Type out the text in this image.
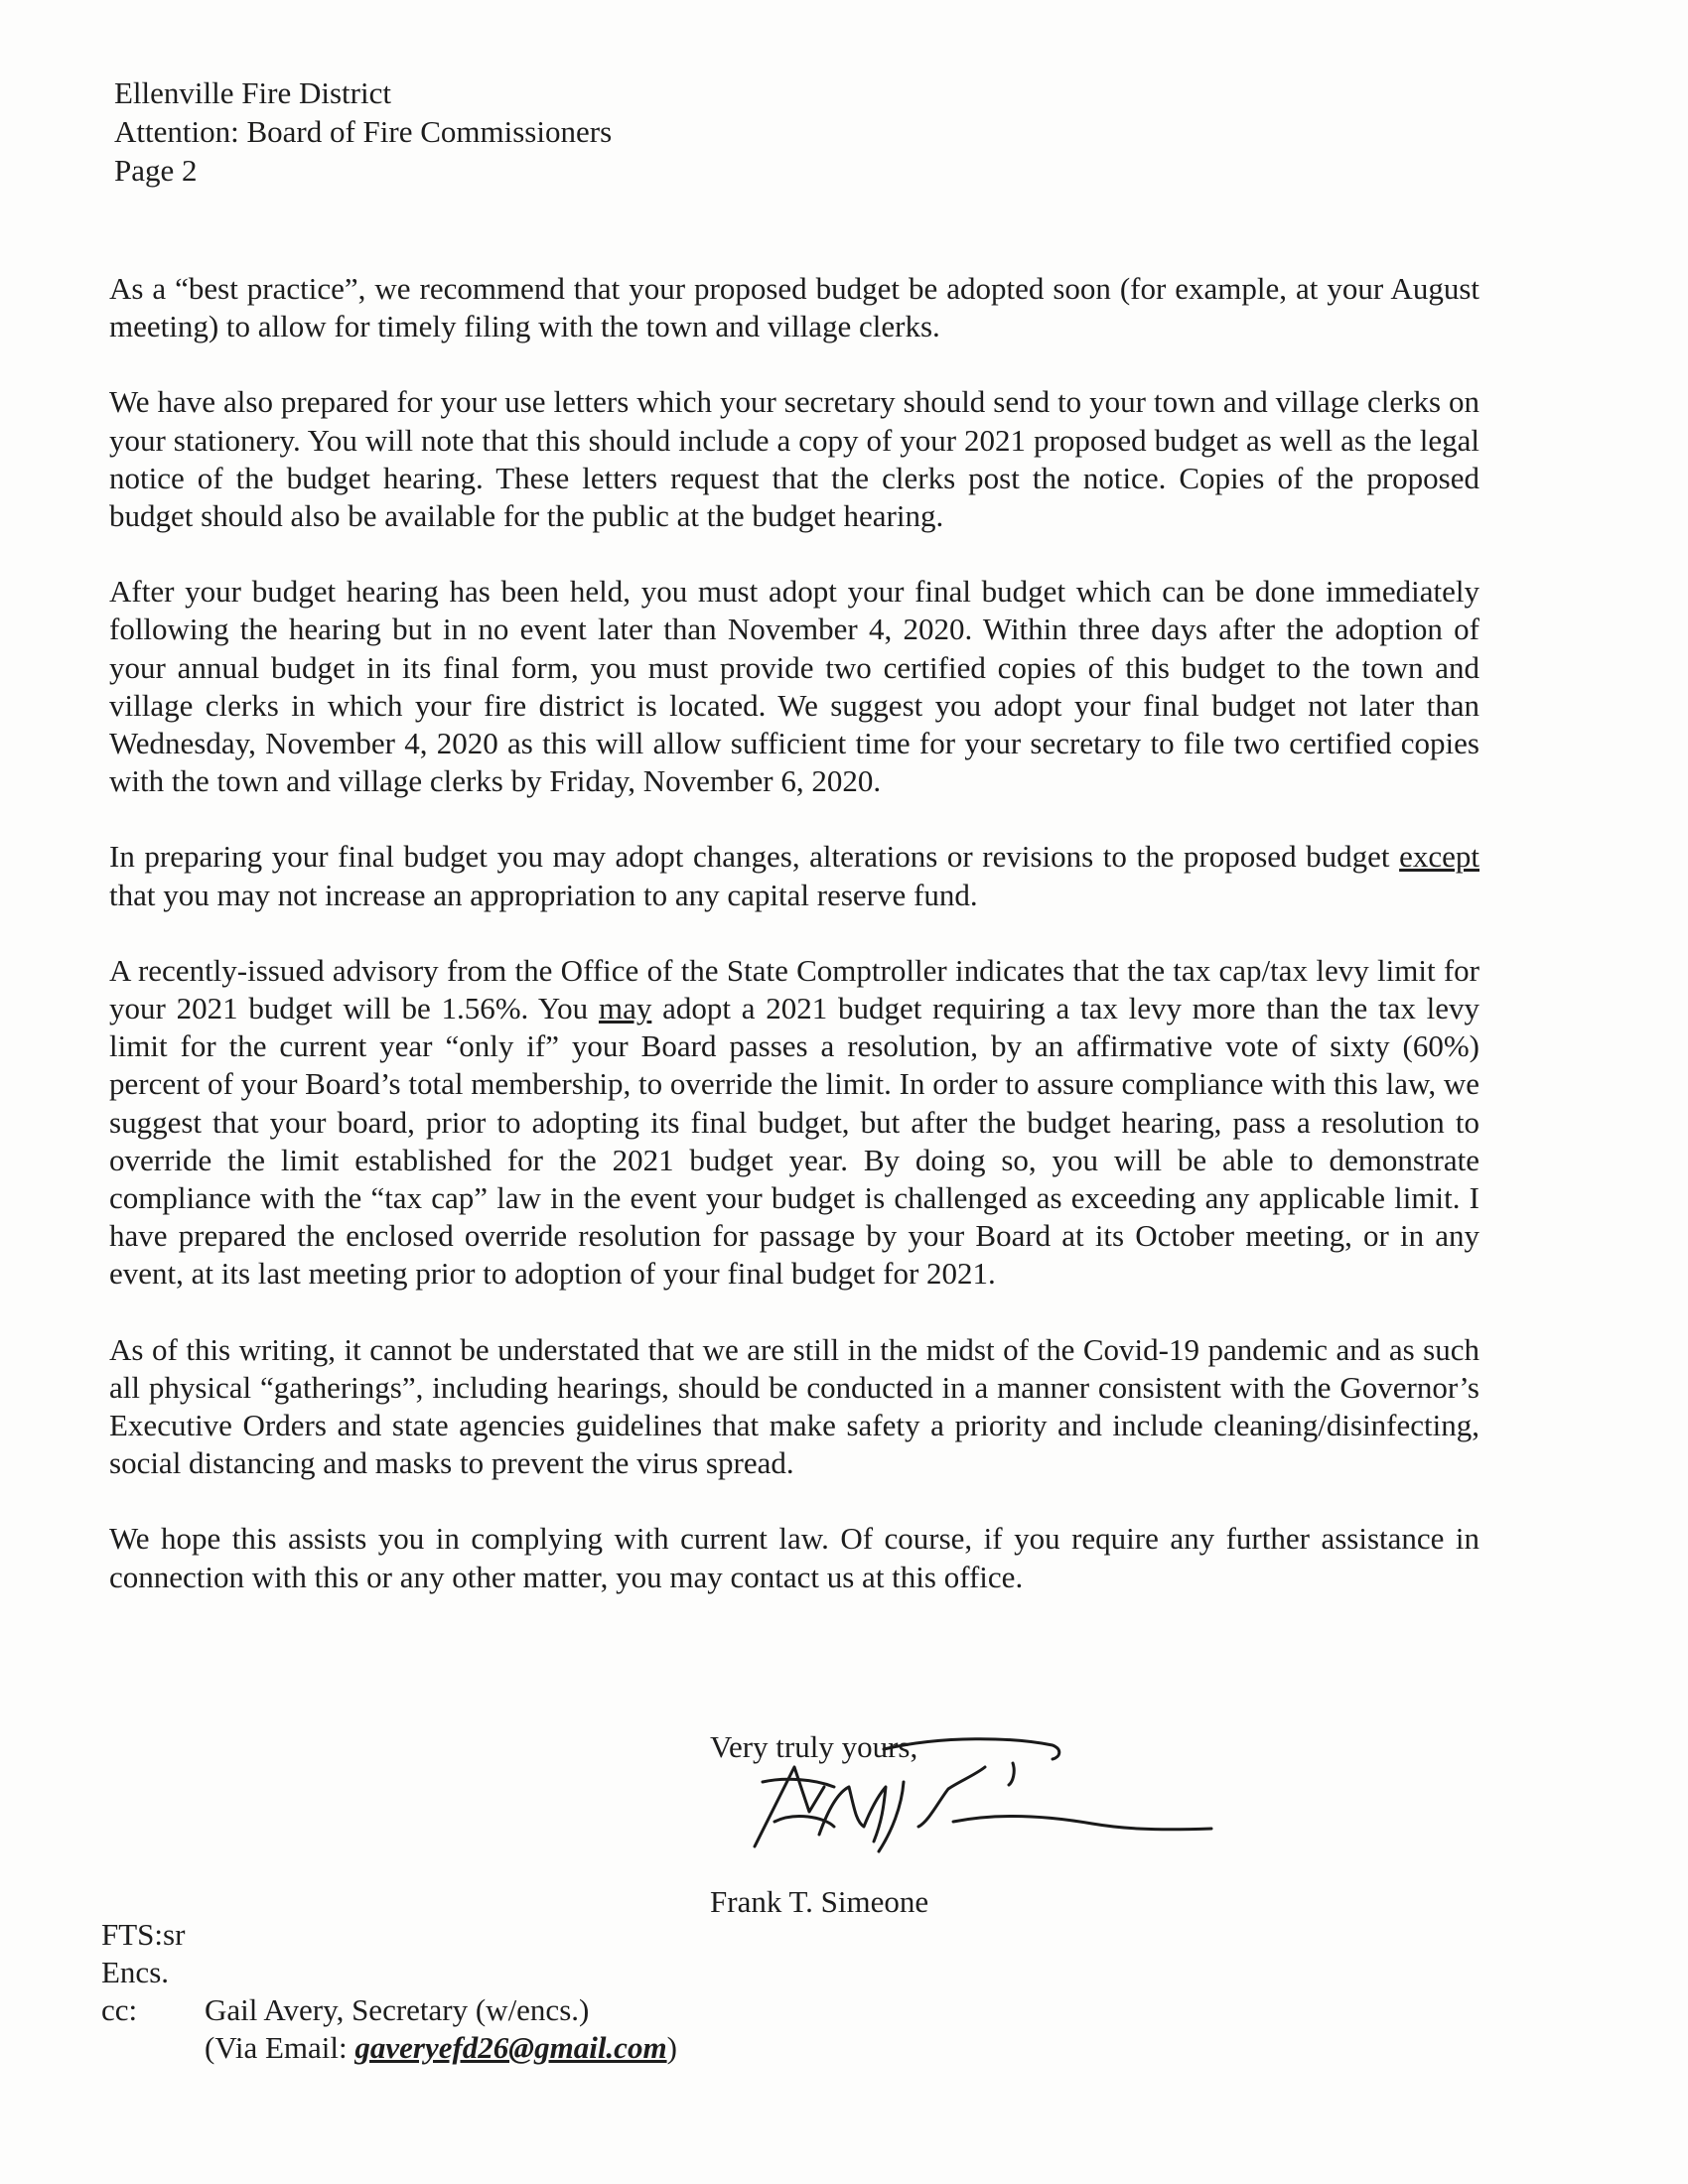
Ellenville Fire District
Attention: Board of Fire Commissioners
Page 2

As a “best practice”, we recommend that your proposed budget be adopted soon (for example, at your August meeting) to allow for timely filing with the town and village clerks.

We have also prepared for your use letters which your secretary should send to your town and village clerks on your stationery. You will note that this should include a copy of your 2021 proposed budget as well as the legal notice of the budget hearing. These letters request that the clerks post the notice. Copies of the proposed budget should also be available for the public at the budget hearing.

After your budget hearing has been held, you must adopt your final budget which can be done immediately following the hearing but in no event later than November 4, 2020. Within three days after the adoption of your annual budget in its final form, you must provide two certified copies of this budget to the town and village clerks in which your fire district is located. We suggest you adopt your final budget not later than Wednesday, November 4, 2020 as this will allow sufficient time for your secretary to file two certified copies with the town and village clerks by Friday, November 6, 2020.

In preparing your final budget you may adopt changes, alterations or revisions to the proposed budget except that you may not increase an appropriation to any capital reserve fund.

A recently-issued advisory from the Office of the State Comptroller indicates that the tax cap/tax levy limit for your 2021 budget will be 1.56%. You may adopt a 2021 budget requiring a tax levy more than the tax levy limit for the current year “only if” your Board passes a resolution, by an affirmative vote of sixty (60%) percent of your Board’s total membership, to override the limit. In order to assure compliance with this law, we suggest that your board, prior to adopting its final budget, but after the budget hearing, pass a resolution to override the limit established for the 2021 budget year. By doing so, you will be able to demonstrate compliance with the “tax cap” law in the event your budget is challenged as exceeding any applicable limit. I have prepared the enclosed override resolution for passage by your Board at its October meeting, or in any event, at its last meeting prior to adoption of your final budget for 2021.

As of this writing, it cannot be understated that we are still in the midst of the Covid-19 pandemic and as such all physical “gatherings”, including hearings, should be conducted in a manner consistent with the Governor’s Executive Orders and state agencies guidelines that make safety a priority and include cleaning/disinfecting, social distancing and masks to prevent the virus spread.

We hope this assists you in complying with current law. Of course, if you require any further assistance in connection with this or any other matter, you may contact us at this office.

Very truly yours,
Frank T. Simeone
FTS:sr
Encs.
cc: Gail Avery, Secretary (w/encs.)
(Via Email: gaveryefd26@gmail.com)
